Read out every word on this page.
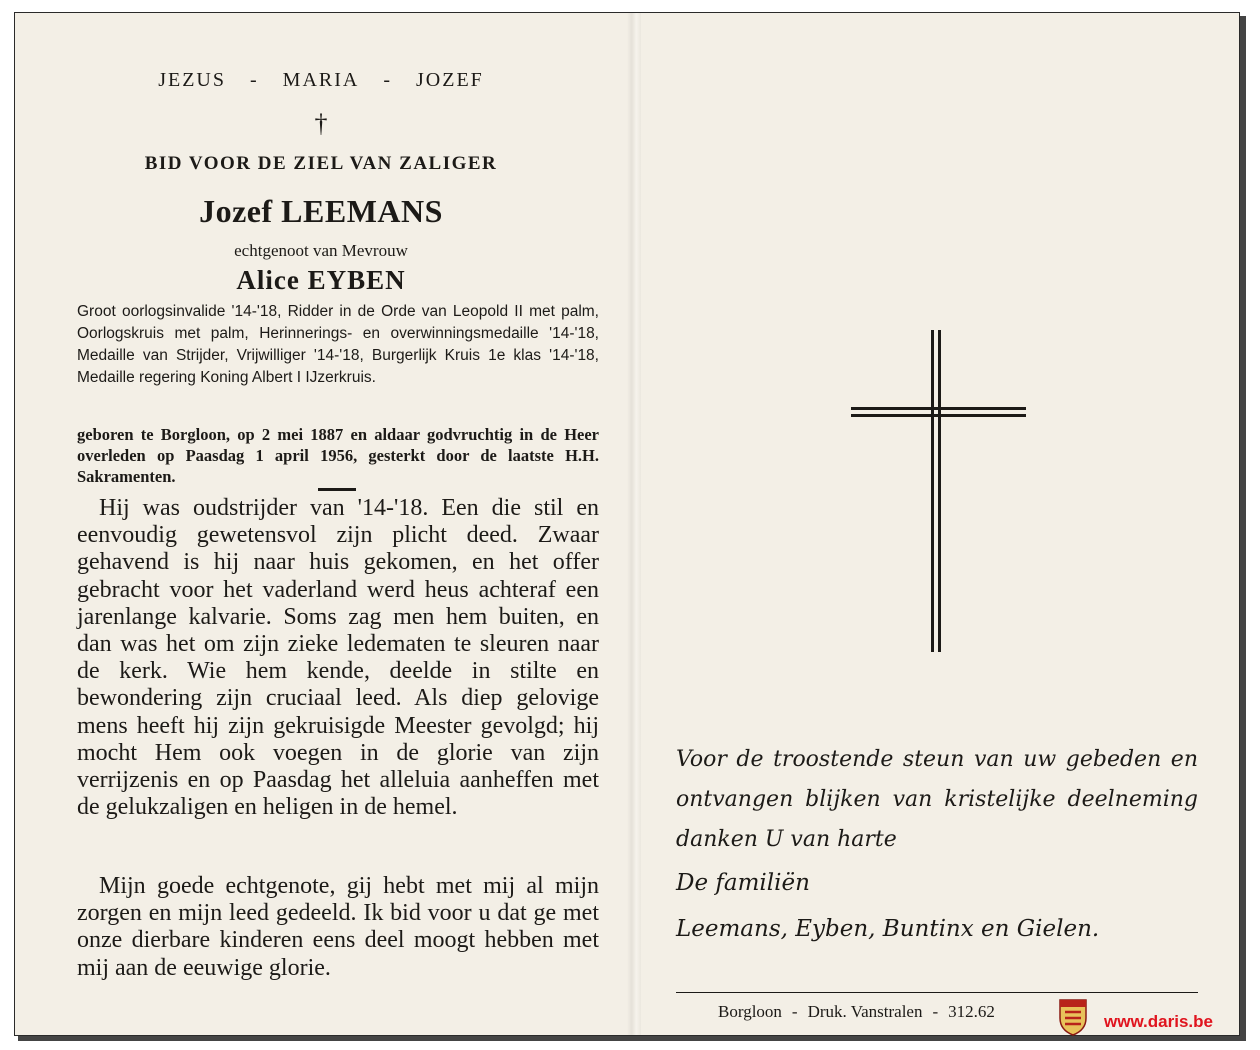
JEZUS - MARIA - JOZEF
†
BID VOOR DE ZIEL VAN ZALIGER
Jozef LEEMANS
echtgenoot van Mevrouw
Alice EYBEN
Groot oorlogsinvalide '14-'18, Ridder in de Orde van Leopold II met palm, Oorlogskruis met palm, Herinnerings- en overwinningsmedaille '14-'18, Medaille van Strijder, Vrijwilliger '14-'18, Burgerlijk Kruis 1e klas '14-'18, Medaille regering Koning Albert I IJzerkruis.
geboren te Borgloon, op 2 mei 1887 en aldaar godvruchtig in de Heer overleden op Paasdag 1 april 1956, gesterkt door de laatste H.H. Sakramenten.
Hij was oudstrijder van '14-'18. Een die stil en eenvoudig gewetensvol zijn plicht deed. Zwaar gehavend is hij naar huis gekomen, en het offer gebracht voor het vaderland werd heus achteraf een jarenlange kalvarie. Soms zag men hem buiten, en dan was het om zijn zieke ledematen te sleuren naar de kerk. Wie hem kende, deelde in stilte en bewondering zijn cruciaal leed. Als diep gelovige mens heeft hij zijn gekruisigde Meester gevolgd; hij mocht Hem ook voegen in de glorie van zijn verrijzenis en op Paasdag het alleluia aanheffen met de gelukzaligen en heligen in de hemel.
Mijn goede echtgenote, gij hebt met mij al mijn zorgen en mijn leed gedeeld. Ik bid voor u dat ge met onze dierbare kinderen eens deel moogt hebben met mij aan de eeuwige glorie.
Voor de troostende steun van uw gebeden en ontvangen blijken van kristelijke deelneming danken U van harte
De familiën
Leemans, Eyben, Buntinx en Gielen.
Borgloon - Druk. Vanstralen - 312.62
www.daris.be
